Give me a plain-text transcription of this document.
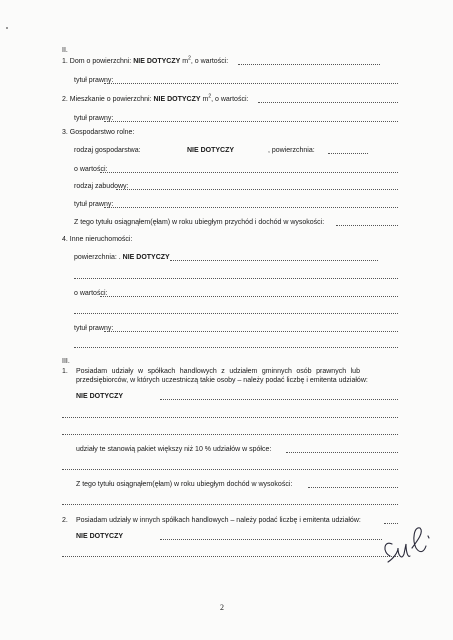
II.
1. Dom o powierzchni: NIE DOTYCZY $m^2$, o wartości:
tytuł prawny:
2. Mieszkanie o powierzchni: NIE DOTYCZY $m^2$, o wartości:
tytuł prawny:
3. Gospodarstwo rolne:
rodzaj gospodarstwa:	NIE DOTYCZY	, powierzchnia:
o wartości:
rodzaj zabudowy:
tytuł prawny:
Z tego tytułu osiągnąłem(ęłam) w roku ubiegłym przychód i dochód w wysokości:
4. Inne nieruchomości:
powierzchnia: . NIE DOTYCZY
o wartości:
tytuł prawny:
III.
1. Posiadam udziały w spółkach handlowych z udziałem gminnych osób prawnych lub
przedsiębiorców, w których uczestniczą takie osoby – należy podać liczbę i emitenta udziałów:
NIE DOTYCZY
udziały te stanowią pakiet większy niż 10 % udziałów w spółce:
Z tego tytułu osiągnąłem(ęłam) w roku ubiegłym dochód w wysokości:
2. Posiadam udziały w innych spółkach handlowych – należy podać liczbę i emitenta udziałów:
NIE DOTYCZY
2
